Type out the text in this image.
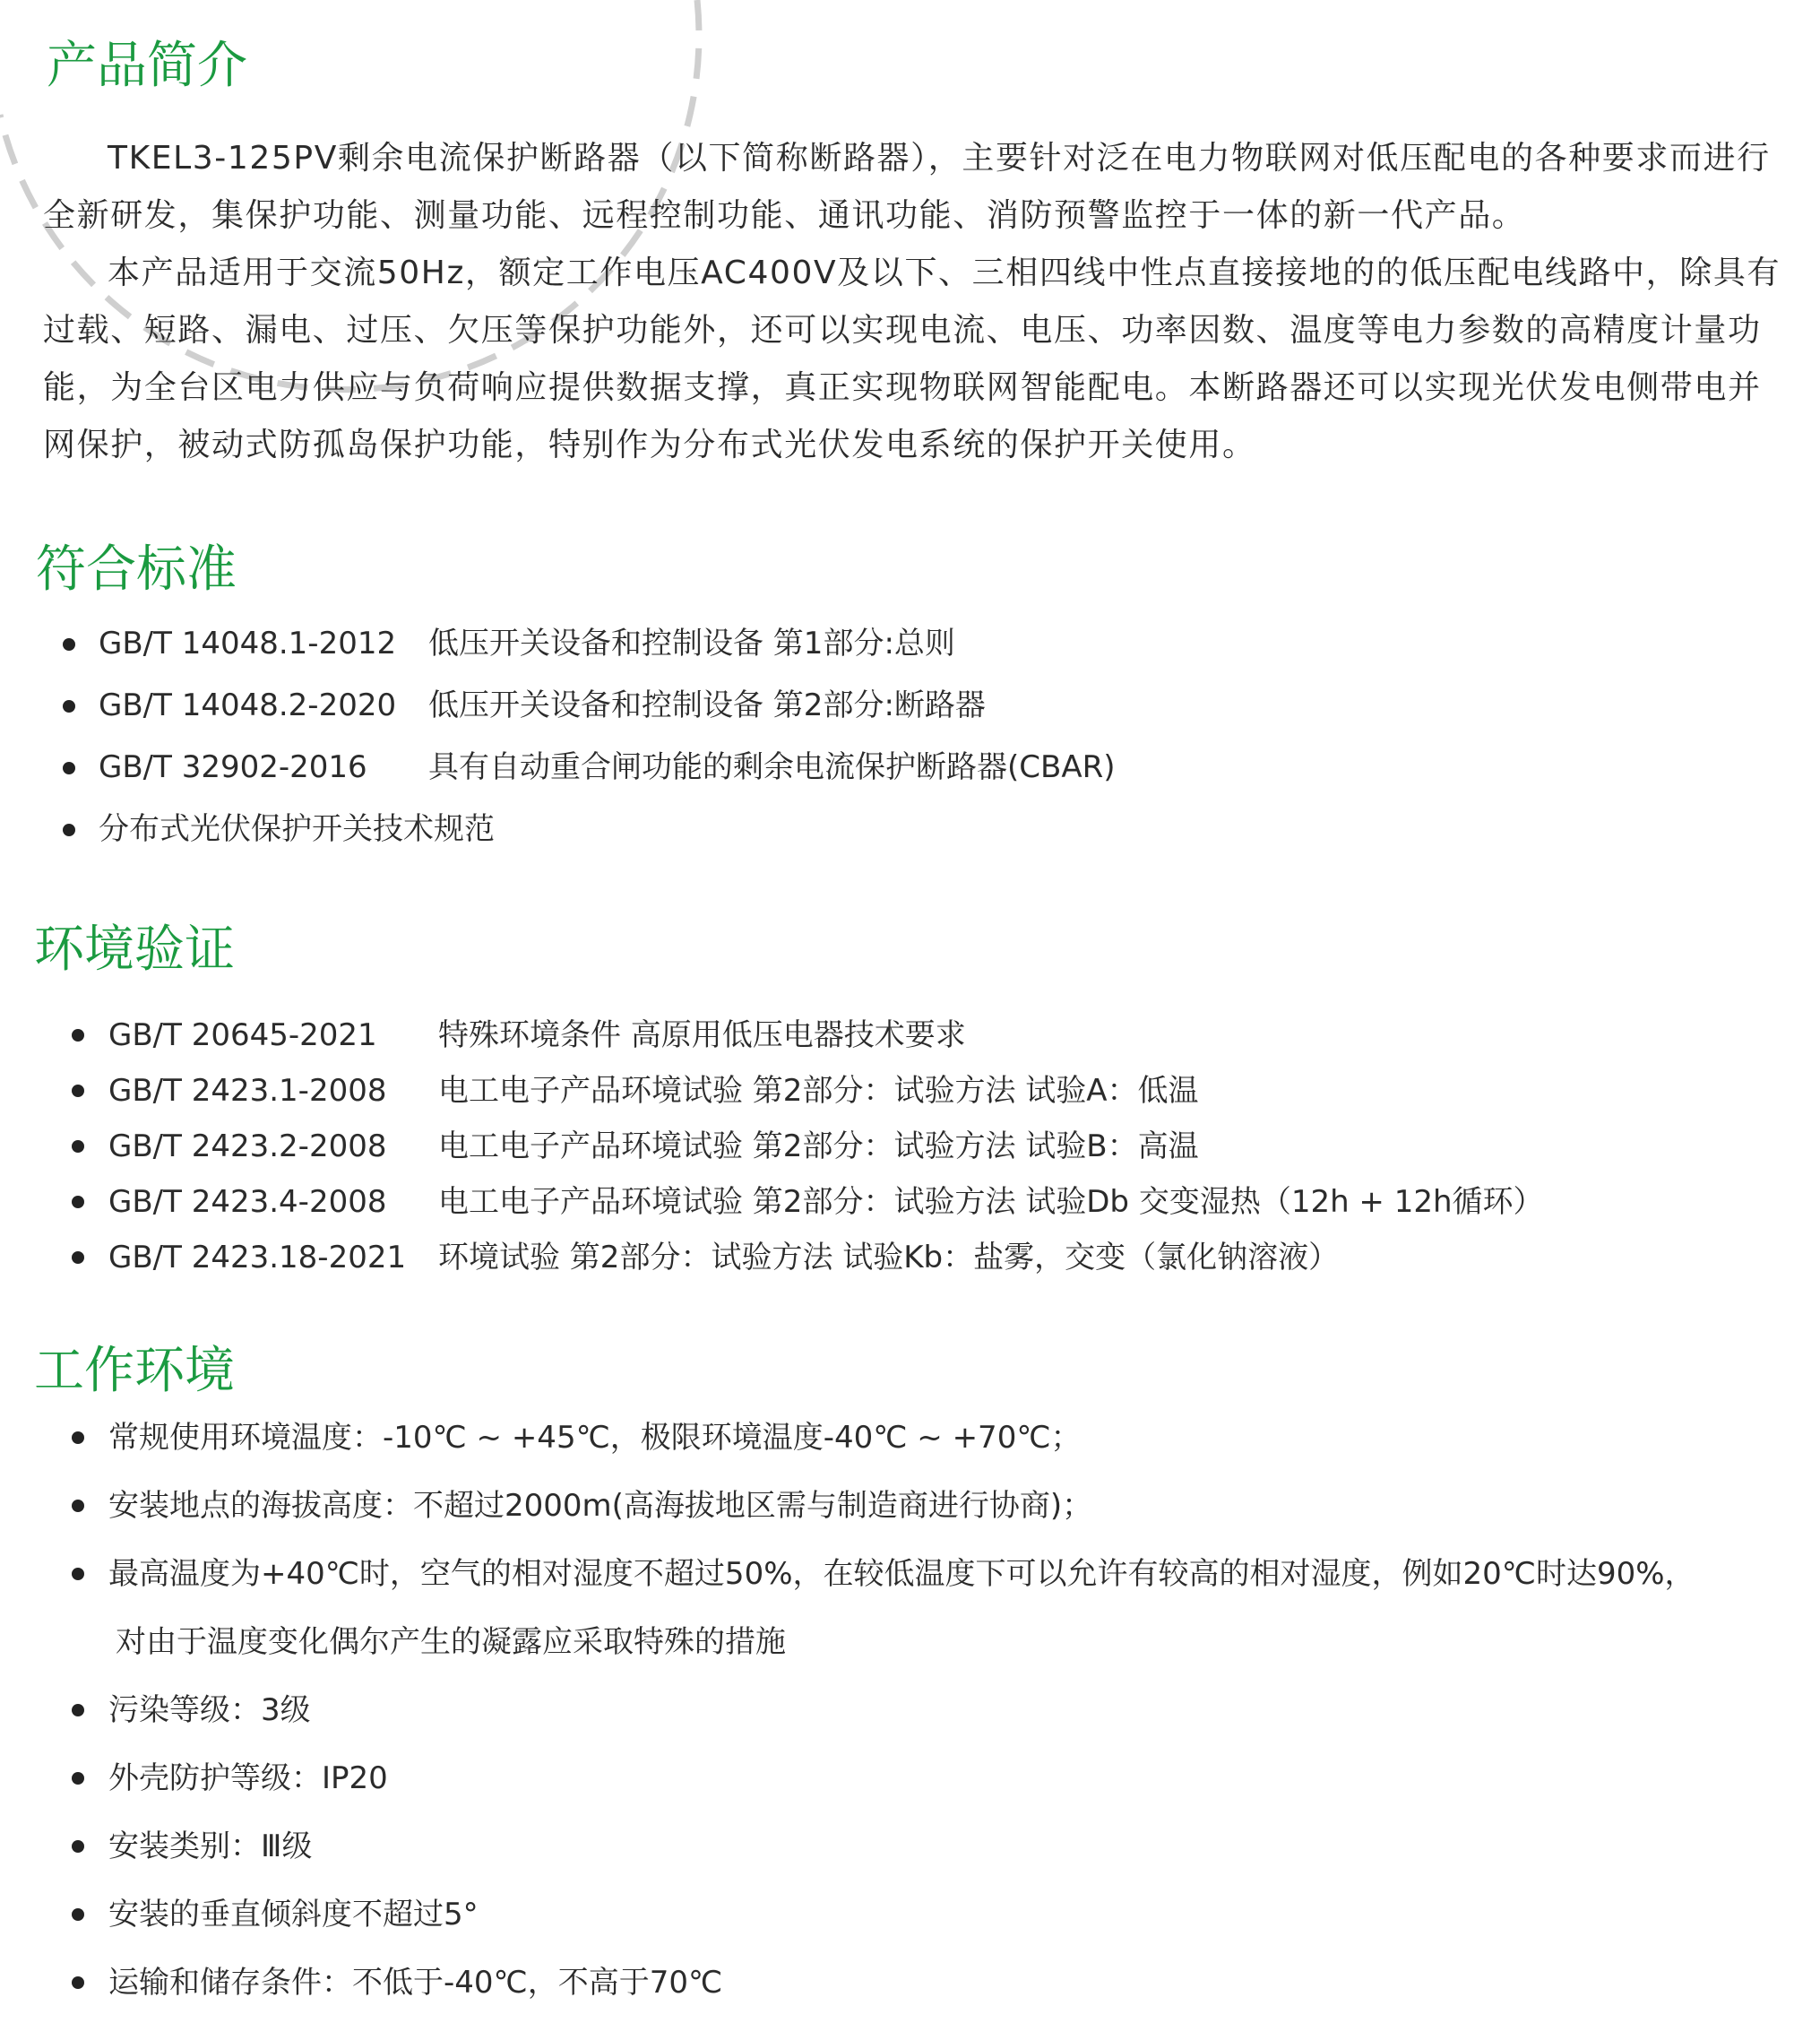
产品简介

TKEL3-125PV剩余电流保护断路器（以下简称断路器），主要针对泛在电力物联网对低压配电的各种要求而进行全新研发，集保护功能、测量功能、远程控制功能、通讯功能、消防预警监控于一体的新一代产品。

本产品适用于交流50Hz，额定工作电压AC400V及以下、三相四线中性点直接接地的的低压配电线路中，除具有过载、短路、漏电、过压、欠压等保护功能外，还可以实现电流、电压、功率因数、温度等电力参数的高精度计量功能，为全台区电力供应与负荷响应提供数据支撑，真正实现物联网智能配电。本断路器还可以实现光伏发电侧带电并网保护，被动式防孤岛保护功能，特别作为分布式光伏发电系统的保护开关使用。

符合标准
GB/T 14048.1-2012 低压开关设备和控制设备 第1部分:总则
GB/T 14048.2-2020 低压开关设备和控制设备 第2部分:断路器
GB/T 32902-2016 具有自动重合闸功能的剩余电流保护断路器(CBAR)
分布式光伏保护开关技术规范
环境验证
GB/T 20645-2021 特殊环境条件 高原用低压电器技术要求
GB/T 2423.1-2008 电工电子产品环境试验 第2部分：试验方法 试验A：低温
GB/T 2423.2-2008 电工电子产品环境试验 第2部分：试验方法 试验B：高温
GB/T 2423.4-2008 电工电子产品环境试验 第2部分：试验方法 试验Db 交变湿热（12h + 12h循环）
GB/T 2423.18-2021 环境试验 第2部分：试验方法 试验Kb：盐雾，交变（氯化钠溶液）
工作环境
常规使用环境温度：-10℃ ~ +45℃，极限环境温度-40℃ ~ +70℃；
安装地点的海拔高度：不超过2000m(高海拔地区需与制造商进行协商)；
最高温度为+40℃时，空气的相对湿度不超过50%，在较低温度下可以允许有较高的相对湿度，例如20℃时达90%，
对由于温度变化偶尔产生的凝露应采取特殊的措施
污染等级：3级
外壳防护等级：IP20
安装类别：Ⅲ级
安装的垂直倾斜度不超过5°
运输和储存条件：不低于-40℃，不高于70℃
